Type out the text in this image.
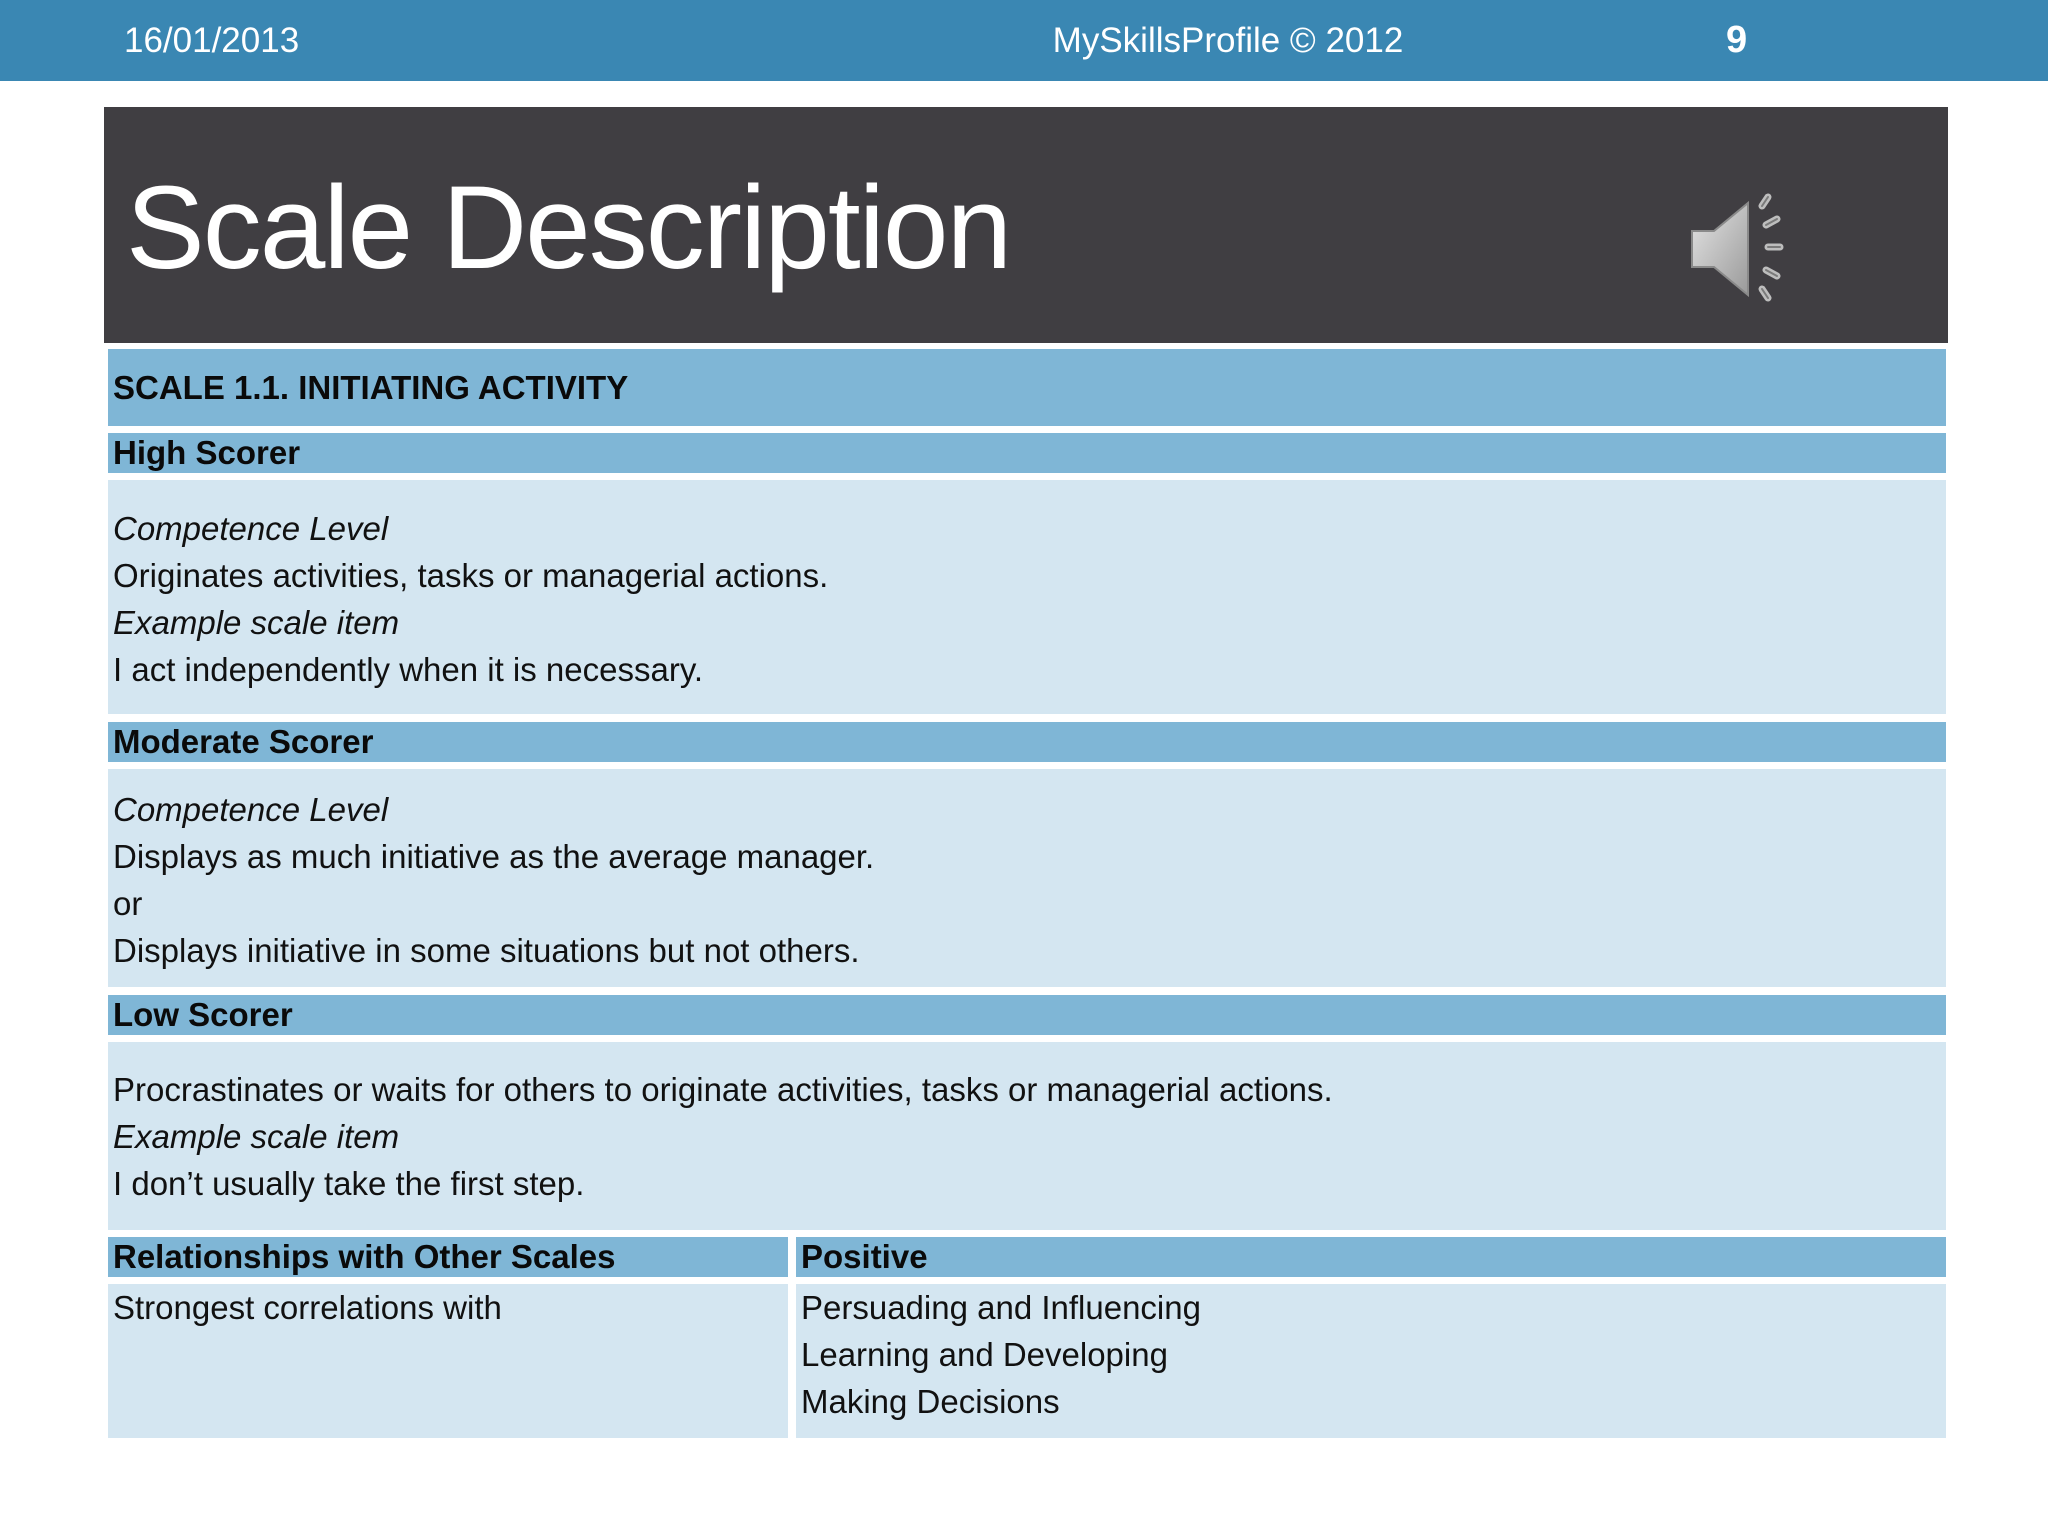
16/01/2013	MySkillsProfile © 2012	9
Scale Description
SCALE 1.1. INITIATING ACTIVITY
High Scorer
Competence Level
Originates activities, tasks or managerial actions.
Example scale item
I act independently when it is necessary.
Moderate Scorer
Competence Level
Displays as much initiative as the average manager.
or
Displays initiative in some situations but not others.
Low Scorer
Procrastinates or waits for others to originate activities, tasks or managerial actions.
Example scale item
I don’t usually take the first step.
Relationships with Other Scales	Positive
Strongest correlations with	Persuading and Influencing
Learning and Developing
Making Decisions
